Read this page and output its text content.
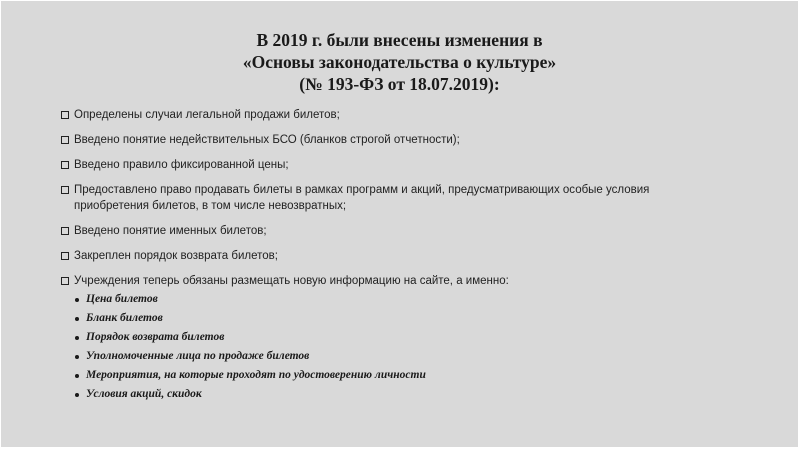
В 2019 г. были внесены изменения в
«Основы законодательства о культуре»
(№ 193-ФЗ от 18.07.2019):
Определены случаи легальной продажи билетов;
Введено понятие недействительных БСО (бланков строгой отчетности);
Введено правило фиксированной цены;
Предоставлено право продавать билеты в рамках программ и акций, предусматривающих особые условия
приобретения билетов, в том числе невозвратных;
Введено понятие именных билетов;
Закреплен порядок возврата билетов;
Учреждения теперь обязаны размещать новую информацию на сайте, а именно:
Цена билетов
Бланк билетов
Порядок возврата билетов
Уполномоченные лица по продаже билетов
Мероприятия, на которые проходят по удостоверению личности
Условия акций, скидок
